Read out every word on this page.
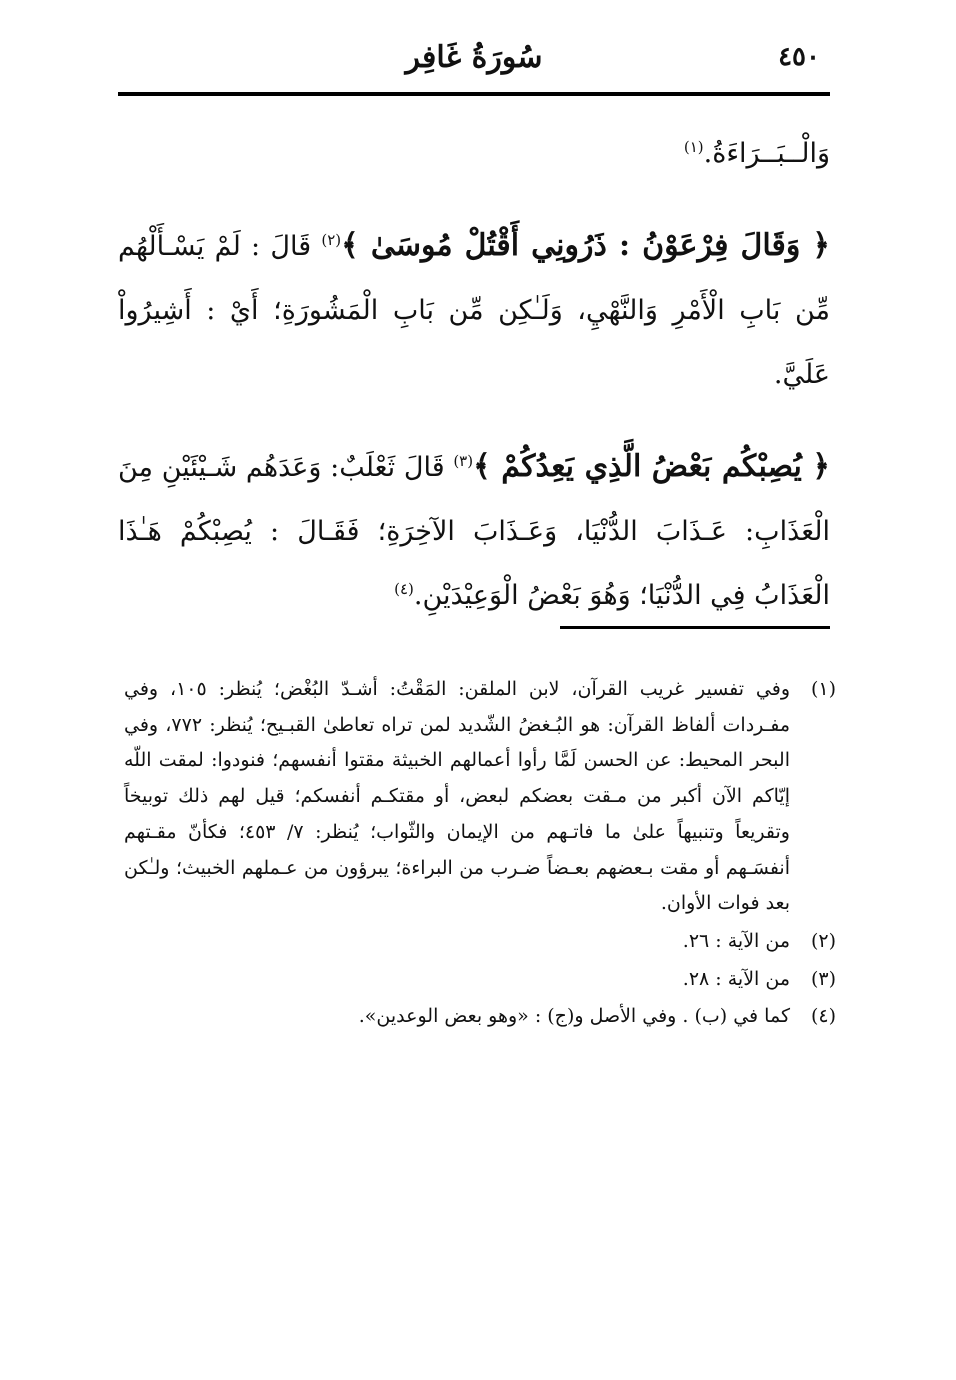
٤٥٠
سُورَةُ غَافِر

وَالْــبَــرَاءَةُ.$^{(١)}$

﴿ وَقَالَ فِرْعَوْنُ : ذَرُونِي أَقْتُلْ مُوسَىٰ ﴾$^{(٢)}$ قَالَ : لَمْ يَسْـأَلْهُم مِّن بَابِ الْأَمْرِ وَالنَّهْيِ، وَلَـٰكِن مِّن بَابِ الْمَشُورَةِ؛ أَيْ : أَشِيرُواْ عَلَيَّ.

﴿ يُصِبْكُم بَعْضُ الَّذِي يَعِدُكُمْ ﴾$^{(٣)}$ قَالَ ثَعْلَبٌ: وَعَدَهُم شَـيْئَيْنِ مِنَ الْعَذَابِ: عَـذَابَ الدُّنْيَا، وَعَـذَابَ الآخِرَةِ؛ فَقَـالَ : يُصِبْكُمْ هَـٰذَا الْعَذَابُ فِي الدُّنْيَا؛ وَهُوَ بَعْضُ الْوَعِيْدَيْنِ.$^{(٤)}$

(١)
وفي تفسير غريب القرآن، لابن الملقن: المَقْتُ: أشـدّ البُغْض؛ يُنظر: ١٠٥، وفي مفـردات ألفاظ القرآن: هو البُـغضُ الشّديد لمن تراه تعاطىٰ القبـيح؛ يُنظر: ٧٧٢، وفي البحر المحيط: عن الحسن لَمَّا رأوا أعمالهم الخبيثة مقتوا أنفسهم؛ فنودوا: لمقت اللّه إيّاكم الآن أكبر من مـقت بعضكم لبعض، أو مقتكـم أنفسكم؛ قيل لهم ذلك توبيخاً وتقريعاً وتنبيهاً علىٰ ما فاتـهم من الإيمان والثّواب؛ يُنظر: ٧/ ٤٥٣؛ فكأنّ مقـتهم أنفسَـهم أو مقت بـعضهم بعـضاً ضـرب من البراءة؛ يبرؤون من عـملهم الخبيث؛ ولـٰكن بعد فوات الأوان.
(٢)
من الآية : ٢٦.
(٣)
من الآية : ٢٨.
(٤)
كما في (ب) . وفي الأصل و(ج) : «وهو بعض الوعدين».
